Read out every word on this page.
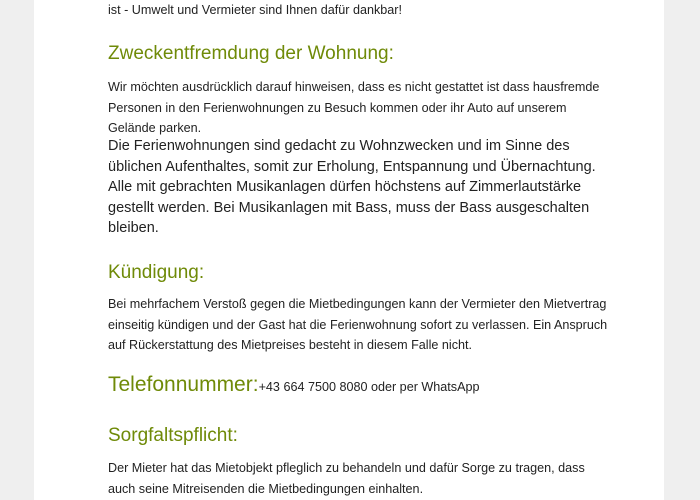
ist - Umwelt und Vermieter sind Ihnen dafür dankbar!
Zweckentfremdung der Wohnung:

Wir möchten ausdrücklich darauf hinweisen, dass es nicht gestattet ist dass hausfremde Personen in den Ferienwohnungen zu Besuch kommen oder ihr Auto auf unserem Gelände parken.

Die Ferienwohnungen sind gedacht zu Wohnzwecken und im Sinne des üblichen Aufenthaltes, somit zur Erholung, Entspannung und Übernachtung. Alle mit gebrachten Musikanlagen dürfen höchstens auf Zimmerlautstärke gestellt werden. Bei Musikanlagen mit Bass, muss der Bass ausgeschalten bleiben.

Kündigung:

Bei mehrfachem Verstoß gegen die Mietbedingungen kann der Vermieter den Mietvertrag einseitig kündigen und der Gast hat die Ferienwohnung sofort zu verlassen. Ein Anspruch auf Rückerstattung des Mietpreises besteht in diesem Falle nicht.

Telefonnummer:+43 664 7500 8080 oder per WhatsApp
Sorgfaltspflicht:

Der Mieter hat das Mietobjekt pfleglich zu behandeln und dafür Sorge zu tragen, dass auch seine Mitreisenden die Mietbedingungen einhalten.
